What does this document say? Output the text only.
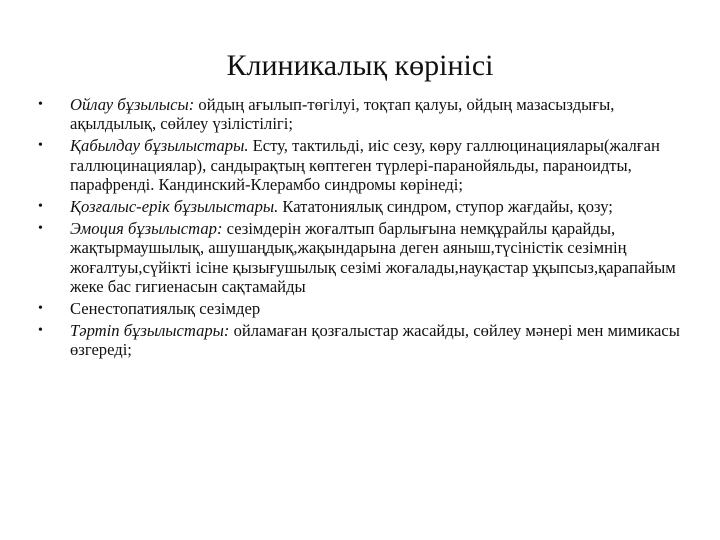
Клиникалық көрінісі
• Ойлау бұзылысы: ойдың ағылып-төгілуі, тоқтап қалуы, ойдың мазасыздығы, ақылдылық, сөйлеу үзілістілігі;
• Қабылдау бұзылыстары. Есту, тактильді, иіс сезу, көру галлюцинациялары(жалған галлюцинациялар), сандырақтың көптеген түрлері-паранойяльды, параноидты, парафренді. Кандинский-Клерамбо синдромы көрінеді;
• Қозғалыс-ерік бұзылыстары. Кататониялық синдром, ступор жағдайы, қозу;
• Эмоция бұзылыстар: сезімдерін жоғалтып барлығына немқұрайлы қарайды, жақтырмаушылық, ашушаңдық,жақындарына деген аяныш,түсіністік сезімнің жоғалтуы,сүйікті ісіне қызығушылық сезімі жоғалады,науқастар ұқыпсыз,қарапайым жеке бас гигиенасын сақтамайды
• Сенестопатиялық сезімдер
• Тәртіп бұзылыстары: ойламаған қозғалыстар жасайды, сөйлеу мәнері мен мимикасы өзгереді;
